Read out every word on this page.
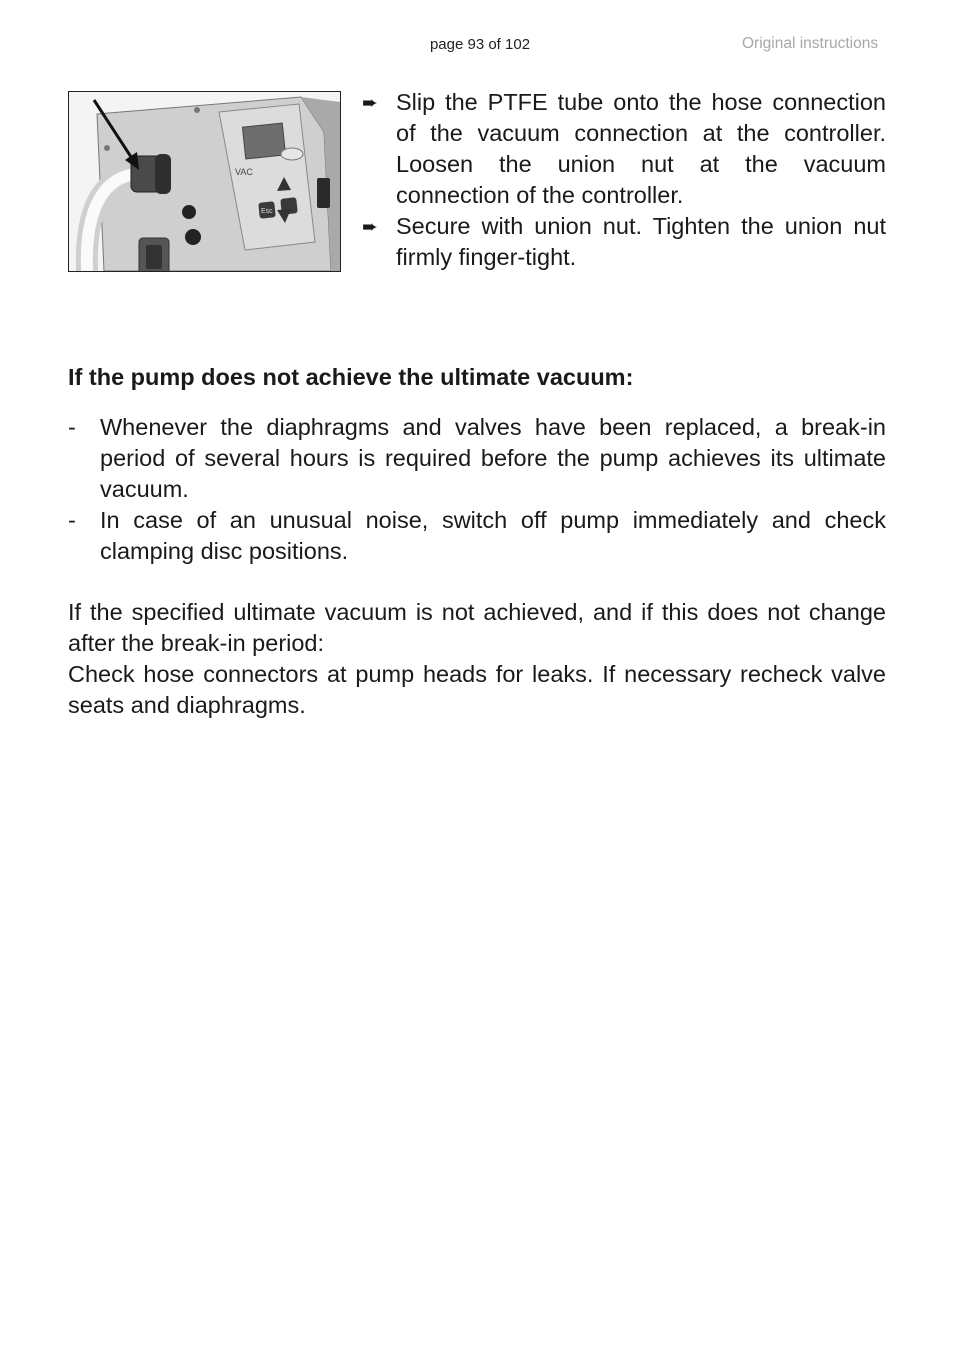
page 93 of 102	Original instructions
VAC
Esc
➨ Slip the PTFE tube onto the hose connection of the vacuum connection at the controller. Loosen the union nut at the vacuum connection of the controller.
➨ Secure with union nut. Tighten the union nut firmly finger-tight.
If the pump does not achieve the ultimate vacuum:
-	Whenever the diaphragms and valves have been replaced, a break-in period of several hours is required before the pump achieves its ultimate vacuum.
-	In case of an unusual noise, switch off pump immediately and check clamping disc positions.

If the specified ultimate vacuum is not achieved, and if this does not change after the break-in period:

Check hose connectors at pump heads for leaks. If necessary recheck valve seats and diaphragms.
